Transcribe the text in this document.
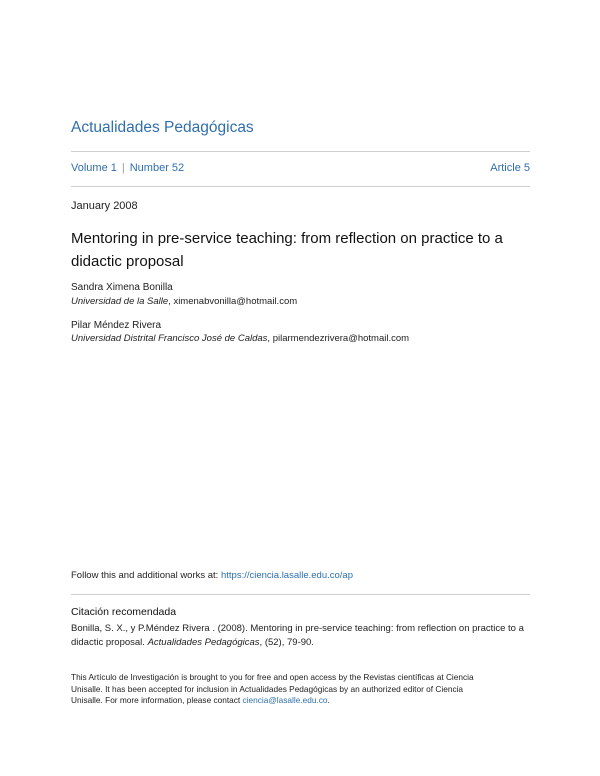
Actualidades Pedagógicas
Volume 1 | Number 52	Article 5
January 2008
Mentoring in pre-service teaching: from reflection on practice to a
didactic proposal
Sandra Ximena Bonilla
Universidad de la Salle, ximenabvonilla@hotmail.com
Pilar Méndez Rivera
Universidad Distrital Francisco José de Caldas, pilarmendezrivera@hotmail.com
Follow this and additional works at: https://ciencia.lasalle.edu.co/ap
Citación recomendada
Bonilla, S. X., y P.Méndez Rivera . (2008). Mentoring in pre-service teaching: from reflection on practice to a
didactic proposal. Actualidades Pedagógicas, (52), 79-90.
This Artículo de Investigación is brought to you for free and open access by the Revistas científicas at Ciencia
Unisalle. It has been accepted for inclusion in Actualidades Pedagógicas by an authorized editor of Ciencia
Unisalle. For more information, please contact ciencia@lasalle.edu.co.
